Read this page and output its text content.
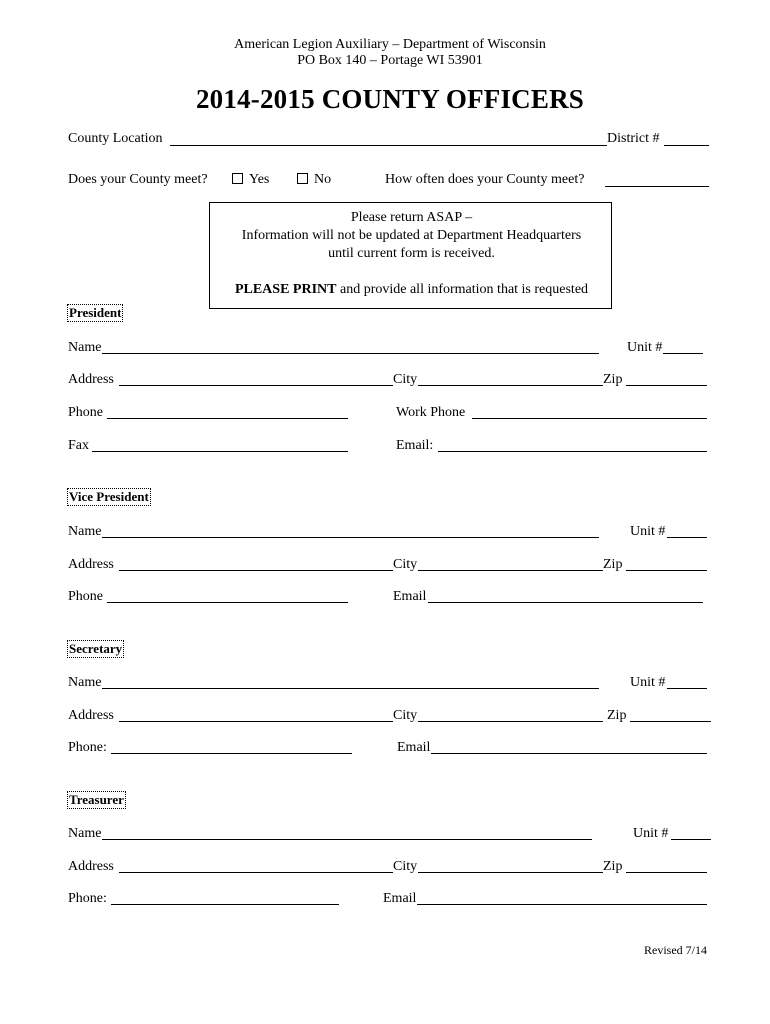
American Legion Auxiliary – Department of Wisconsin
PO Box 140 – Portage WI 53901
2014-2015 COUNTY OFFICERS
County Location	District #
Does your County meet?	Yes	No	How often does your County meet?
Please return ASAP –
Information will not be updated at Department Headquarters
until current form is received.
PLEASE PRINT and provide all information that is requested
President
Name	Unit #
Address	City	Zip
Phone	Work Phone
Fax	Email:
Vice President
Name	Unit #
Address	City	Zip
Phone	Email
Secretary
Name	Unit #
Address	City	Zip
Phone:	Email
Treasurer
Name	Unit #
Address	City	Zip
Phone:	Email
Revised 7/14
